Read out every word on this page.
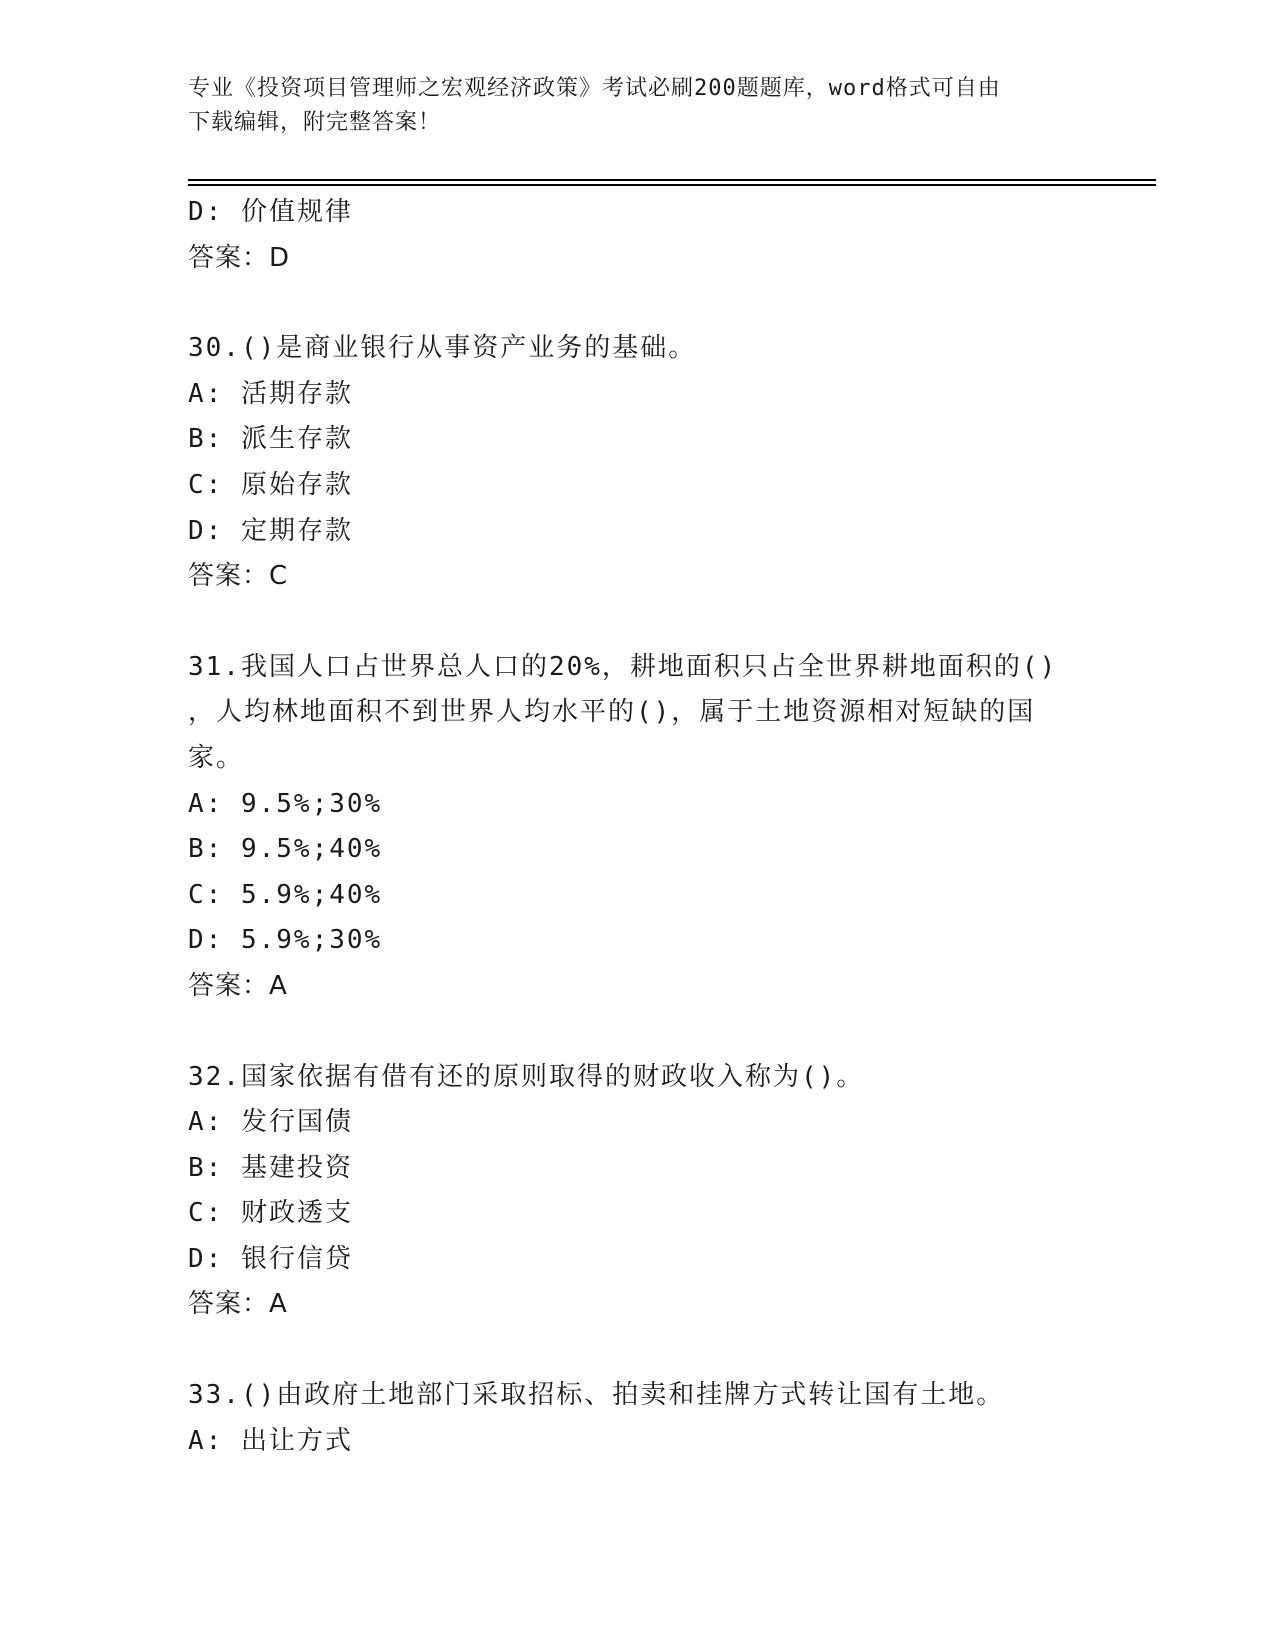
专业《投资项目管理师之宏观经济政策》考试必刷200题题库，word格式可自由
下载编辑，附完整答案！
D: 价值规律
答案：D
30.()是商业银行从事资产业务的基础。
A: 活期存款
B: 派生存款
C: 原始存款
D: 定期存款
答案：C
31.我国人口占世界总人口的20%，耕地面积只占全世界耕地面积的()
，人均林地面积不到世界人均水平的()，属于土地资源相对短缺的国
家。
A: 9.5%;30%
B: 9.5%;40%
C: 5.9%;40%
D: 5.9%;30%
答案：A
32.国家依据有借有还的原则取得的财政收入称为()。
A: 发行国债
B: 基建投资
C: 财政透支
D: 银行信贷
答案：A
33.()由政府土地部门采取招标、拍卖和挂牌方式转让国有土地。
A: 出让方式
